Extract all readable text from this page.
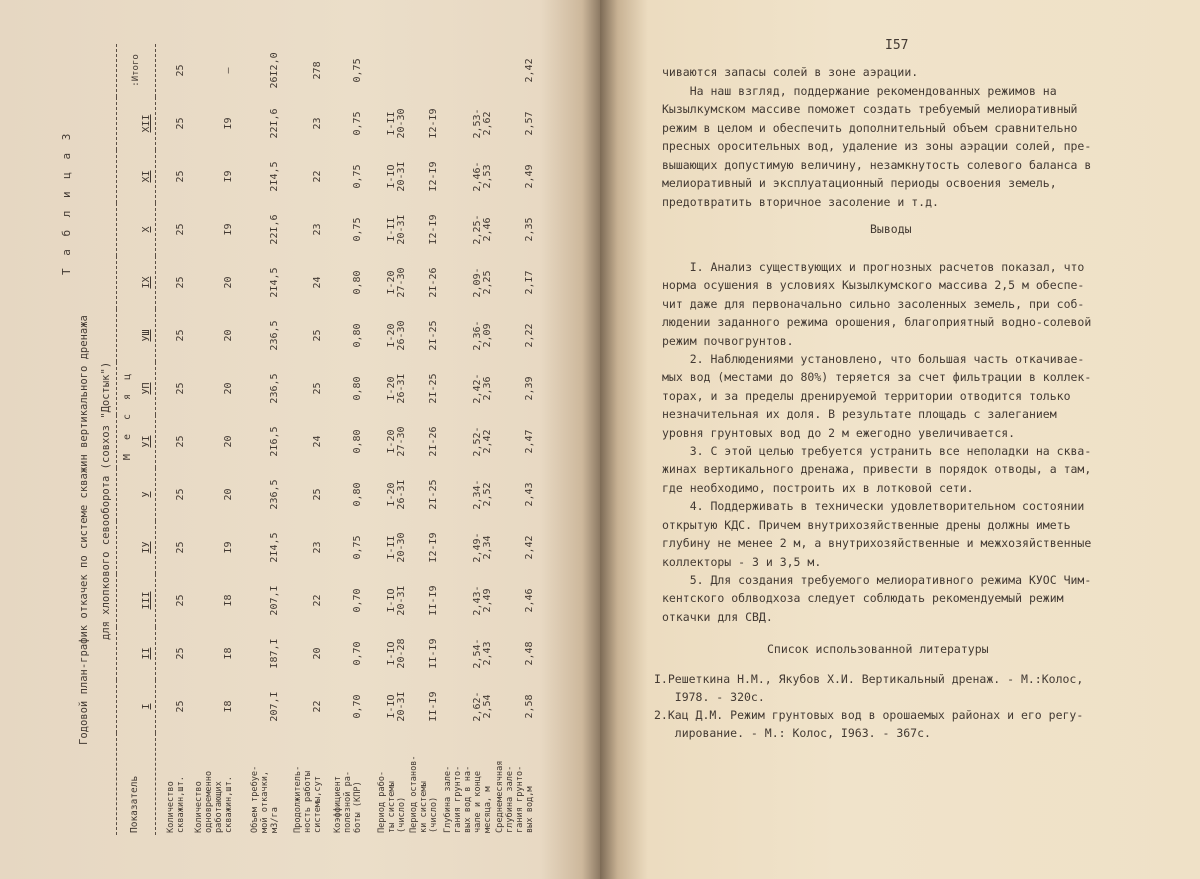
Т а б л и ц а 3
Годовой план-график откачек по системе скважин вертикального дренажа для хлопкового севооборота (совхоз "Достык")
Показатель	М е с я ц												:Итого
	I	II	III	IУ	У	УI	УП	УШ	IX	X	XI	XII	
Количество
скважин,шт.	25	25	25	25	25	25	25	25	25	25	25	25	25
Количество
одновременно
работающих
скважин,шт.	I8	I8	I8	I9	20	20	20	20	20	I9	I9	I9	–
Объем требуе-
мой откачки,
м3/га	207,I	I87,I	207,I	2I4,5	236,5	2I6,5	236,5	236,5	2I4,5	22I,6	2I4,5	22I,6	26I2,0
Продолжитель-
ность работы
системы,сут	22	20	22	23	25	24	25	25	24	23	22	23	278
Коэффициент
полезной ра-
боты (КПР)	0,70	0,70	0,70	0,75	0,80	0,80	0,80	0,80	0,80	0,75	0,75	0,75	0,75
Период рабо-
ты системы
(число)	I-IO
20-3I	I-IO
20-28	I-IO
20-3I	I-II
20-30	I-20
26-3I	I-20
27-30	I-20
26-3I	I-20
26-30	I-20
27-30	I-II
20-3I	I-IO
20-3I	I-II
20-30	
Период останов-
ки системы
(число)	II-I9	II-I9	II-I9	I2-I9	2I-25	2I-26	2I-25	2I-25	2I-26	I2-I9	I2-I9	I2-I9	
Глубина зале-
гания грунто-
вых вод в на-
чале и конце
месяца, м	2,62-
2,54	2,54-
2,43	2,43-
2,49	2,49-
2,34	2,34-
2,52	2,52-
2,42	2,42-
2,36	2,36-
2,09	2,09-
2,25	2,25-
2,46	2,46-
2,53	2,53-
2,62	
Среднемесячная
глубина зале-
гания грунто-
вых вод,м	2,58	2,48	2,46	2,42	2,43	2,47	2,39	2,22	2,I7	2,35	2,49	2,57	2,42
I57
чиваются запасы солей в зоне аэрации.
На наш взгляд, поддержание рекомендованных режимов на
Кызылкумском массиве поможет создать требуемый мелиоративный
режим в целом и обеспечить дополнительный объем сравнительно
пресных оросительных вод, удаление из зоны аэрации солей, пре-
вышающих допустимую величину, незамкнутость солевого баланса в
мелиоративный и эксплуатационный периоды освоения земель,
предотвратить вторичное засоление и т.д.
Выводы
I. Анализ существующих и прогнозных расчетов показал, что
норма осушения в условиях Кызылкумского массива 2,5 м обеспе-
чит даже для первоначально сильно засоленных земель, при соб-
людении заданного режима орошения, благоприятный водно-солевой
режим почвогрунтов.
2. Наблюдениями установлено, что большая часть откачивае-
мых вод (местами до 80%) теряется за счет фильтрации в коллек-
торах, и за пределы дренируемой территории отводится только
незначительная их доля. В результате площадь с залеганием
уровня грунтовых вод до 2 м ежегодно увеличивается.
3. С этой целью требуется устранить все неполадки на сква-
жинах вертикального дренажа, привести в порядок отводы, а там,
где необходимо, построить их в лотковой сети.
4. Поддерживать в технически удовлетворительном состоянии
открытую КДС. Причем внутрихозяйственные дрены должны иметь
глубину не менее 2 м, а внутрихозяйственные и межхозяйственные
коллекторы - 3 и 3,5 м.
5. Для создания требуемого мелиоративного режима КУОС Чим-
кентского облводхоза следует соблюдать рекомендуемый режим
откачки для СВД.
Список использованной литературы
I.Решеткина Н.М., Якубов Х.И. Вертикальный дренаж. - М.:Колос,
I978. - 320с.
2.Кац Д.М. Режим грунтовых вод в орошаемых районах и его регу-
лирование. - М.: Колос, I963. - 367с.
